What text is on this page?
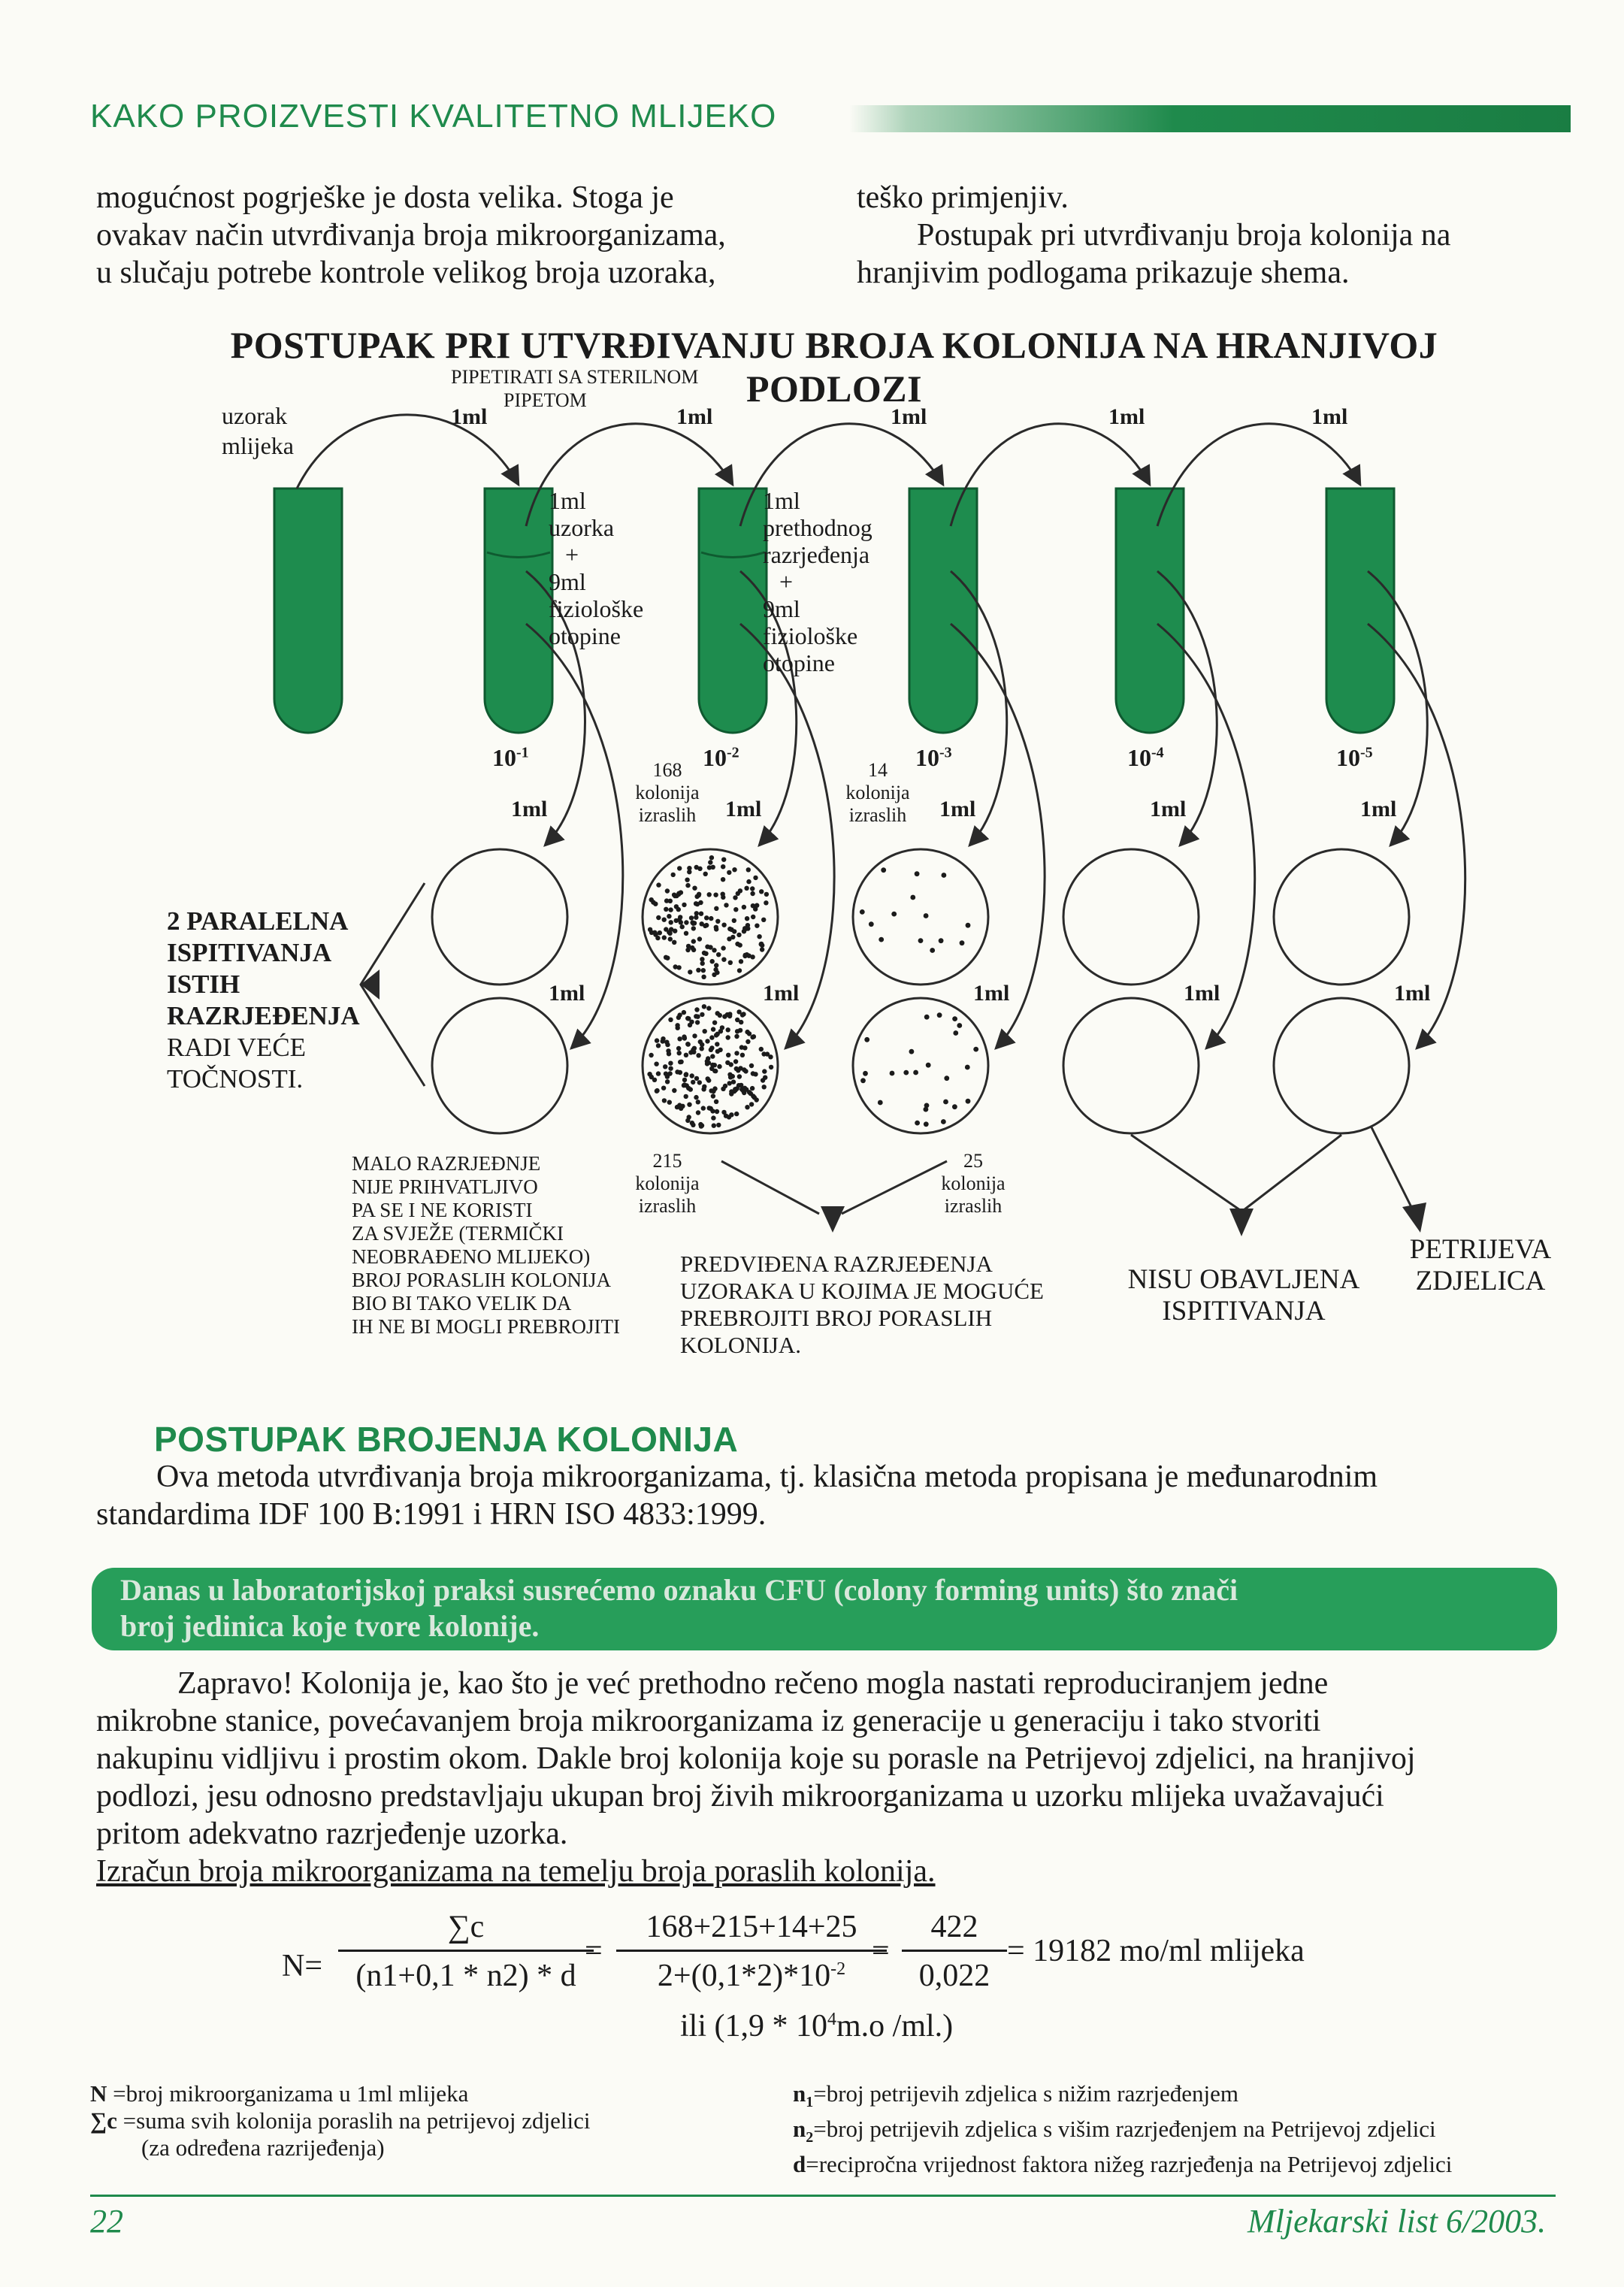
KAKO PROIZVESTI KVALITETNO MLIJEKO
mogućnost pogrješke je dosta velika. Stoga je
ovakav način utvrđivanja broja mikroorganizama,
u slučaju potrebe kontrole velikog broja uzoraka,
teško primjenjiv.
Postupak pri utvrđivanju broja kolonija na
hranjivim podlogama prikazuje shema.
POSTUPAK PRI UTVRĐIVANJU BROJA KOLONIJA NA HRANJIVOJ PODLOZI
PIPETIRATI SA STERILNOM
PIPETOM
uzorak
mlijeka
1ml	1ml	1ml	1ml	1ml
1ml
uzorka
+
9ml
fiziološke
otopine
1ml
prethodnog
razrjeđenja
+
9ml
fiziološke
otopine
$10^{-1}$	$10^{-2}$	$10^{-3}$	$10^{-4}$	$10^{-5}$
1ml	1ml	1ml	1ml	1ml
1ml	1ml	1ml	1ml	1ml
168
kolonija
izraslih
14
kolonija
izraslih
215
kolonija
izraslih
25
kolonija
izraslih
2 PARALELNA
ISPITIVANJA
ISTIH
RAZRJEĐENJA
RADI VEĆE
TOČNOSTI.
MALO RAZRJEĐNJE
NIJE PRIHVATLJIVO
PA SE I NE KORISTI
ZA SVJEŽE (TERMIČKI
NEOBRAĐENO MLIJEKO)
BROJ PORASLIH KOLONIJA
BIO BI TAKO VELIK DA
IH NE BI MOGLI PREBROJITI
PREDVIĐENA RAZRJEĐENJA
UZORAKA U KOJIMA JE MOGUĆE
PREBROJITI BROJ PORASLIH
KOLONIJA.
NISU OBAVLJENA
ISPITIVANJA
PETRIJEVA
ZDJELICA
POSTUPAK BROJENJA KOLONIJA
Ova metoda utvrđivanja broja mikroorganizama, tj. klasična metoda propisana je međunarodnim
standardima IDF 100 B:1991 i HRN ISO 4833:1999.
Danas u laboratorijskoj praksi susrećemo oznaku CFU (colony forming units) što znači
broj jedinica koje tvore kolonije.
Zapravo! Kolonija je, kao što je već prethodno rečeno mogla nastati reproduciranjem jedne
mikrobne stanice, povećavanjem broja mikroorganizama iz generacije u generaciju i tako stvoriti
nakupinu vidljivu i prostim okom. Dakle broj kolonija koje su porasle na Petrijevoj zdjelici, na hranjivoj
podlozi, jesu odnosno predstavljaju ukupan broj živih mikroorganizama u uzorku mlijeka uvažavajući
pritom adekvatno razrjeđenje uzorka.
Izračun broja mikroorganizama na temelju broja poraslih kolonija.
N=
∑c
(n1+0,1 * n2) * d
=
168+215+14+25
$2+(0,1*2)*10^{-2}$
=
422
0,022
= 19182 mo/ml mlijeka
ili ($1,9 * 10^4m.o$ /ml.)
N =broj mikroorganizama u 1ml mlijeka
∑c =suma svih kolonija poraslih na petrijevoj zdjelici
(za određena razrijeđenja)
$n_1=broj$ petrijevih zdjelica s nižim razrjeđenjem
$n_2=broj$ petrijevih zdjelica s višim razrjeđenjem na Petrijevoj zdjelici
d=recipročna vrijednost faktora nižeg razrjeđenja na Petrijevoj zdjelici
22	Mljekarski list 6/2003.
